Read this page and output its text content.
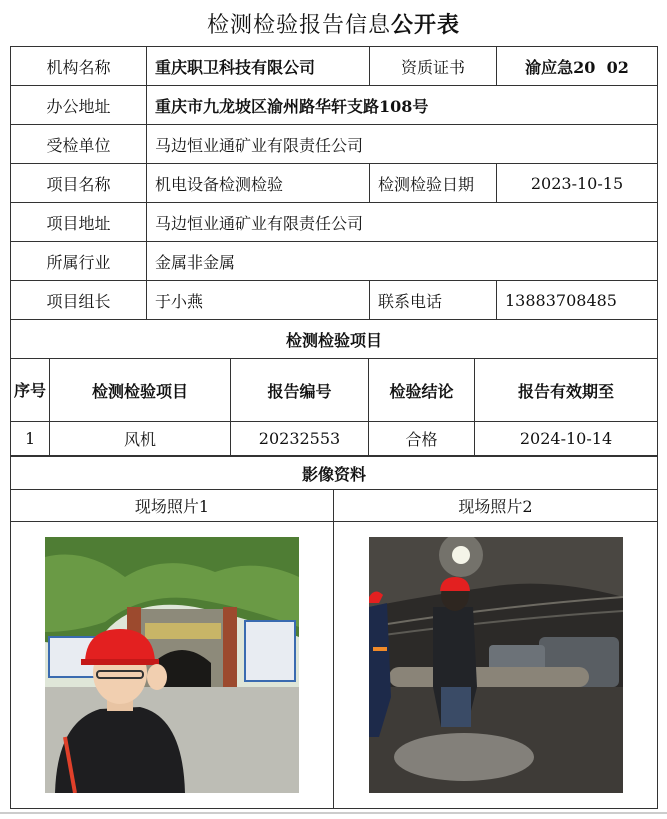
检测检验报告信息公开表
机构名称	重庆职卫科技有限公司	资质证书	渝应急20  02
办公地址	重庆市九龙坡区渝州路华轩支路108号		
受检单位	马边恒业通矿业有限责任公司		
项目名称	机电设备检测检验	检测检验日期	2023-10-15
项目地址	马边恒业通矿业有限责任公司		
所属行业	金属非金属		
项目组长	于小燕	联系电话	13883708485
检测检验项目			
序号	检测检验项目	报告编号	检验结论	报告有效期至
1	风机	20232553	合格	2024-10-14
影像资料	
现场照片1	现场照片2
